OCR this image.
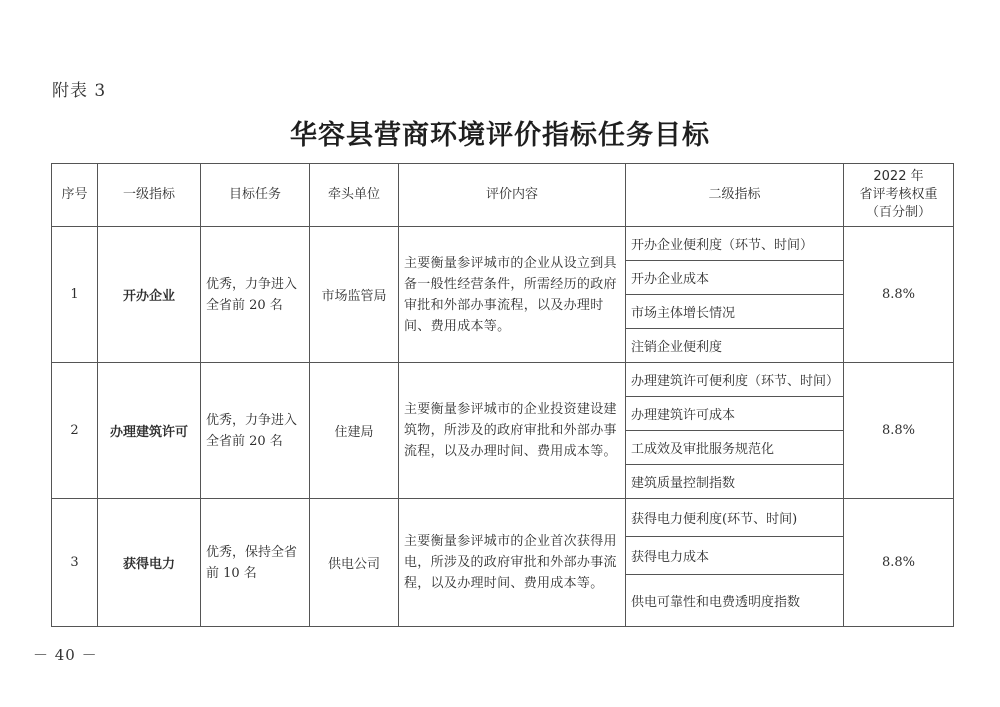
附表 3
华容县营商环境评价指标任务目标
序号	一级指标	目标任务	牵头单位	评价内容	二级指标	2022 年
省评考核权重
（百分制）

1	开办企业	优秀，力争进入全省前 20 名	市场监管局	主要衡量参评城市的企业从设立到具备一般性经营条件，所需经历的政府审批和外部办事流程，以及办理时间、费用成本等。	开办企业便利度（环节、时间）	8.8%
					开办企业成本	
					市场主体增长情况	
					注销企业便利度	
2	办理建筑许可	优秀，力争进入全省前 20 名	住建局	主要衡量参评城市的企业投资建设建筑物，所涉及的政府审批和外部办事流程，以及办理时间、费用成本等。	办理建筑许可便利度（环节、时间）	8.8%
					办理建筑许可成本	
					工成效及审批服务规范化	
					建筑质量控制指数	
3	获得电力	优秀，保持全省前 10 名	供电公司	主要衡量参评城市的企业首次获得用电，所涉及的政府审批和外部办事流程，以及办理时间、费用成本等。	获得电力便利度(环节、时间)	8.8%
					获得电力成本	
					供电可靠性和电费透明度指数	
－ 40 －
